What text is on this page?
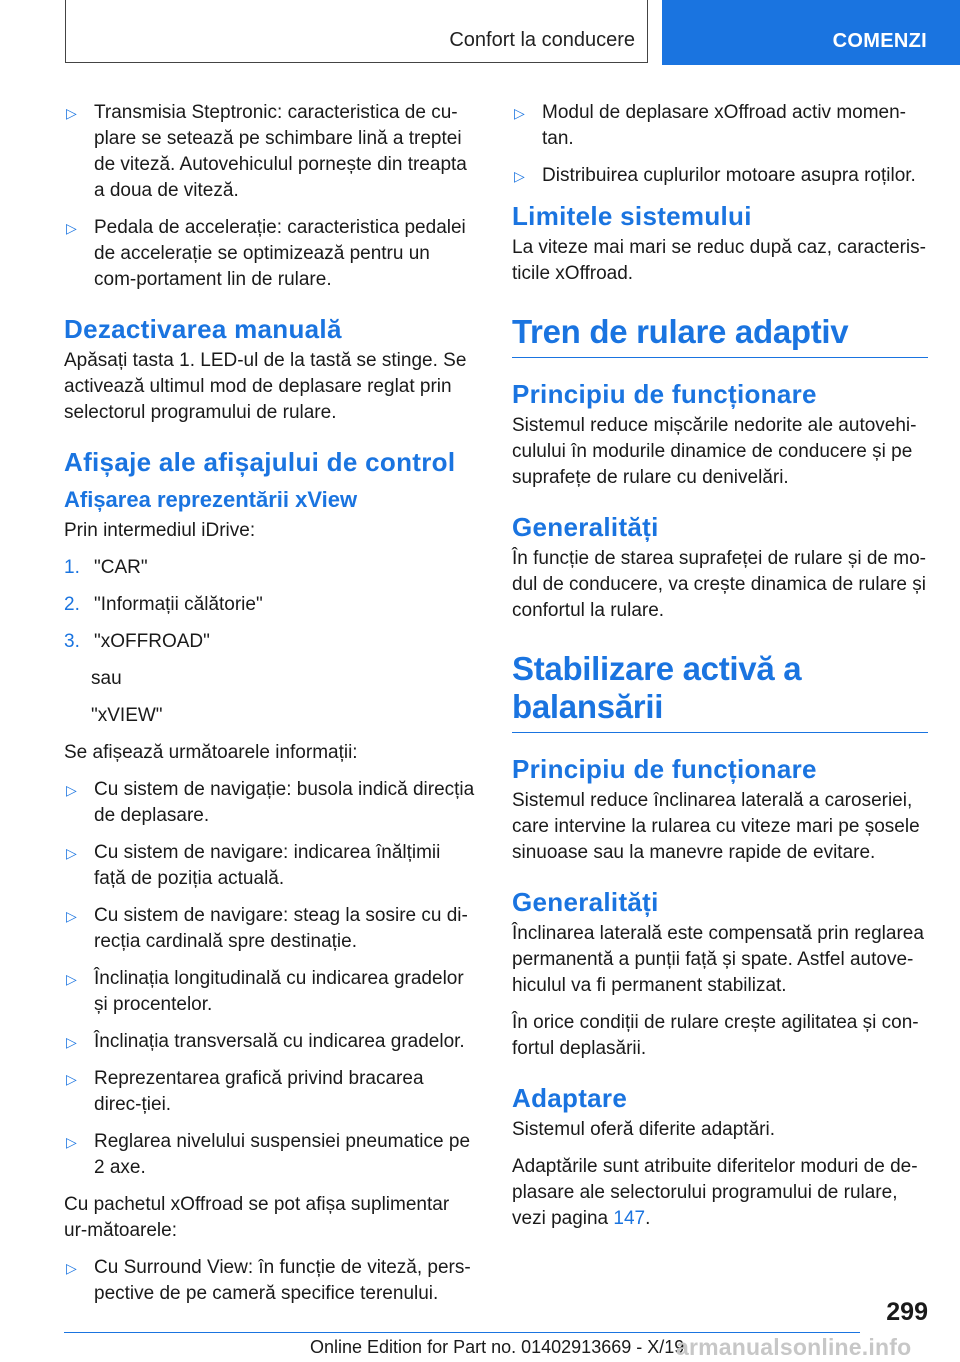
Confort la conducere	COMENZI
▷ Transmisia Steptronic: caracteristica de cu-plare se setează pe schimbare lină a treptei de viteză. Autovehiculul pornește din treapta a doua de viteză.
▷ Pedala de accelerație: caracteristica pedalei de accelerație se optimizează pentru un com-portament lin de rulare.
Dezactivarea manuală

Apăsați tasta 1. LED-ul de la tastă se stinge. Se activează ultimul mod de deplasare reglat prin selectorul programului de rulare.

Afișaje ale afișajului de control
Afișarea reprezentării xView

Prin intermediul iDrive:

1. "CAR"
2. "Informații călătorie"
3. "xOFFROAD"

sau

"xVIEW"

Se afișează următoarele informații:

▷ Cu sistem de navigație: busola indică direcția de deplasare.
▷ Cu sistem de navigare: indicarea înălțimii față de poziția actuală.
▷ Cu sistem de navigare: steag la sosire cu di-recția cardinală spre destinație.
▷ Înclinația longitudinală cu indicarea gradelor și procentelor.
▷ Înclinația transversală cu indicarea gradelor.
▷ Reprezentarea grafică privind bracarea direc-ției.
▷ Reglarea nivelului suspensiei pneumatice pe 2 axe.

Cu pachetul xOffroad se pot afișa suplimentar ur-mătoarele:

▷ Cu Surround View: în funcție de viteză, pers-pective de pe cameră specifice terenului.
▷ Modul de deplasare xOffroad activ momen-tan.
▷ Distribuirea cuplurilor motoare asupra roților.
Limitele sistemului

La viteze mai mari se reduc după caz, caracteris-ticile xOffroad.

Tren de rulare adaptiv
Principiu de funcționare

Sistemul reduce mișcările nedorite ale autovehi-culului în modurile dinamice de conducere și pe suprafețe de rulare cu denivelări.

Generalități

În funcție de starea suprafeței de rulare și de mo-dul de conducere, va crește dinamica de rulare și confortul la rulare.

Stabilizare activă a balansării
Principiu de funcționare

Sistemul reduce înclinarea laterală a caroseriei, care intervine la rularea cu viteze mari pe șosele sinuoase sau la manevre rapide de evitare.

Generalități

Înclinarea laterală este compensată prin reglarea permanentă a punții față și spate. Astfel autove-hiculul va fi permanent stabilizat.

În orice condiții de rulare crește agilitatea și con-fortul deplasării.

Adaptare

Sistemul oferă diferite adaptări.

Adaptările sunt atribuite diferitelor moduri de de-plasare ale selectorului programului de rulare, vezi pagina 147.

299
Online Edition for Part no. 01402913669 - X/19
armanualsonline.info
